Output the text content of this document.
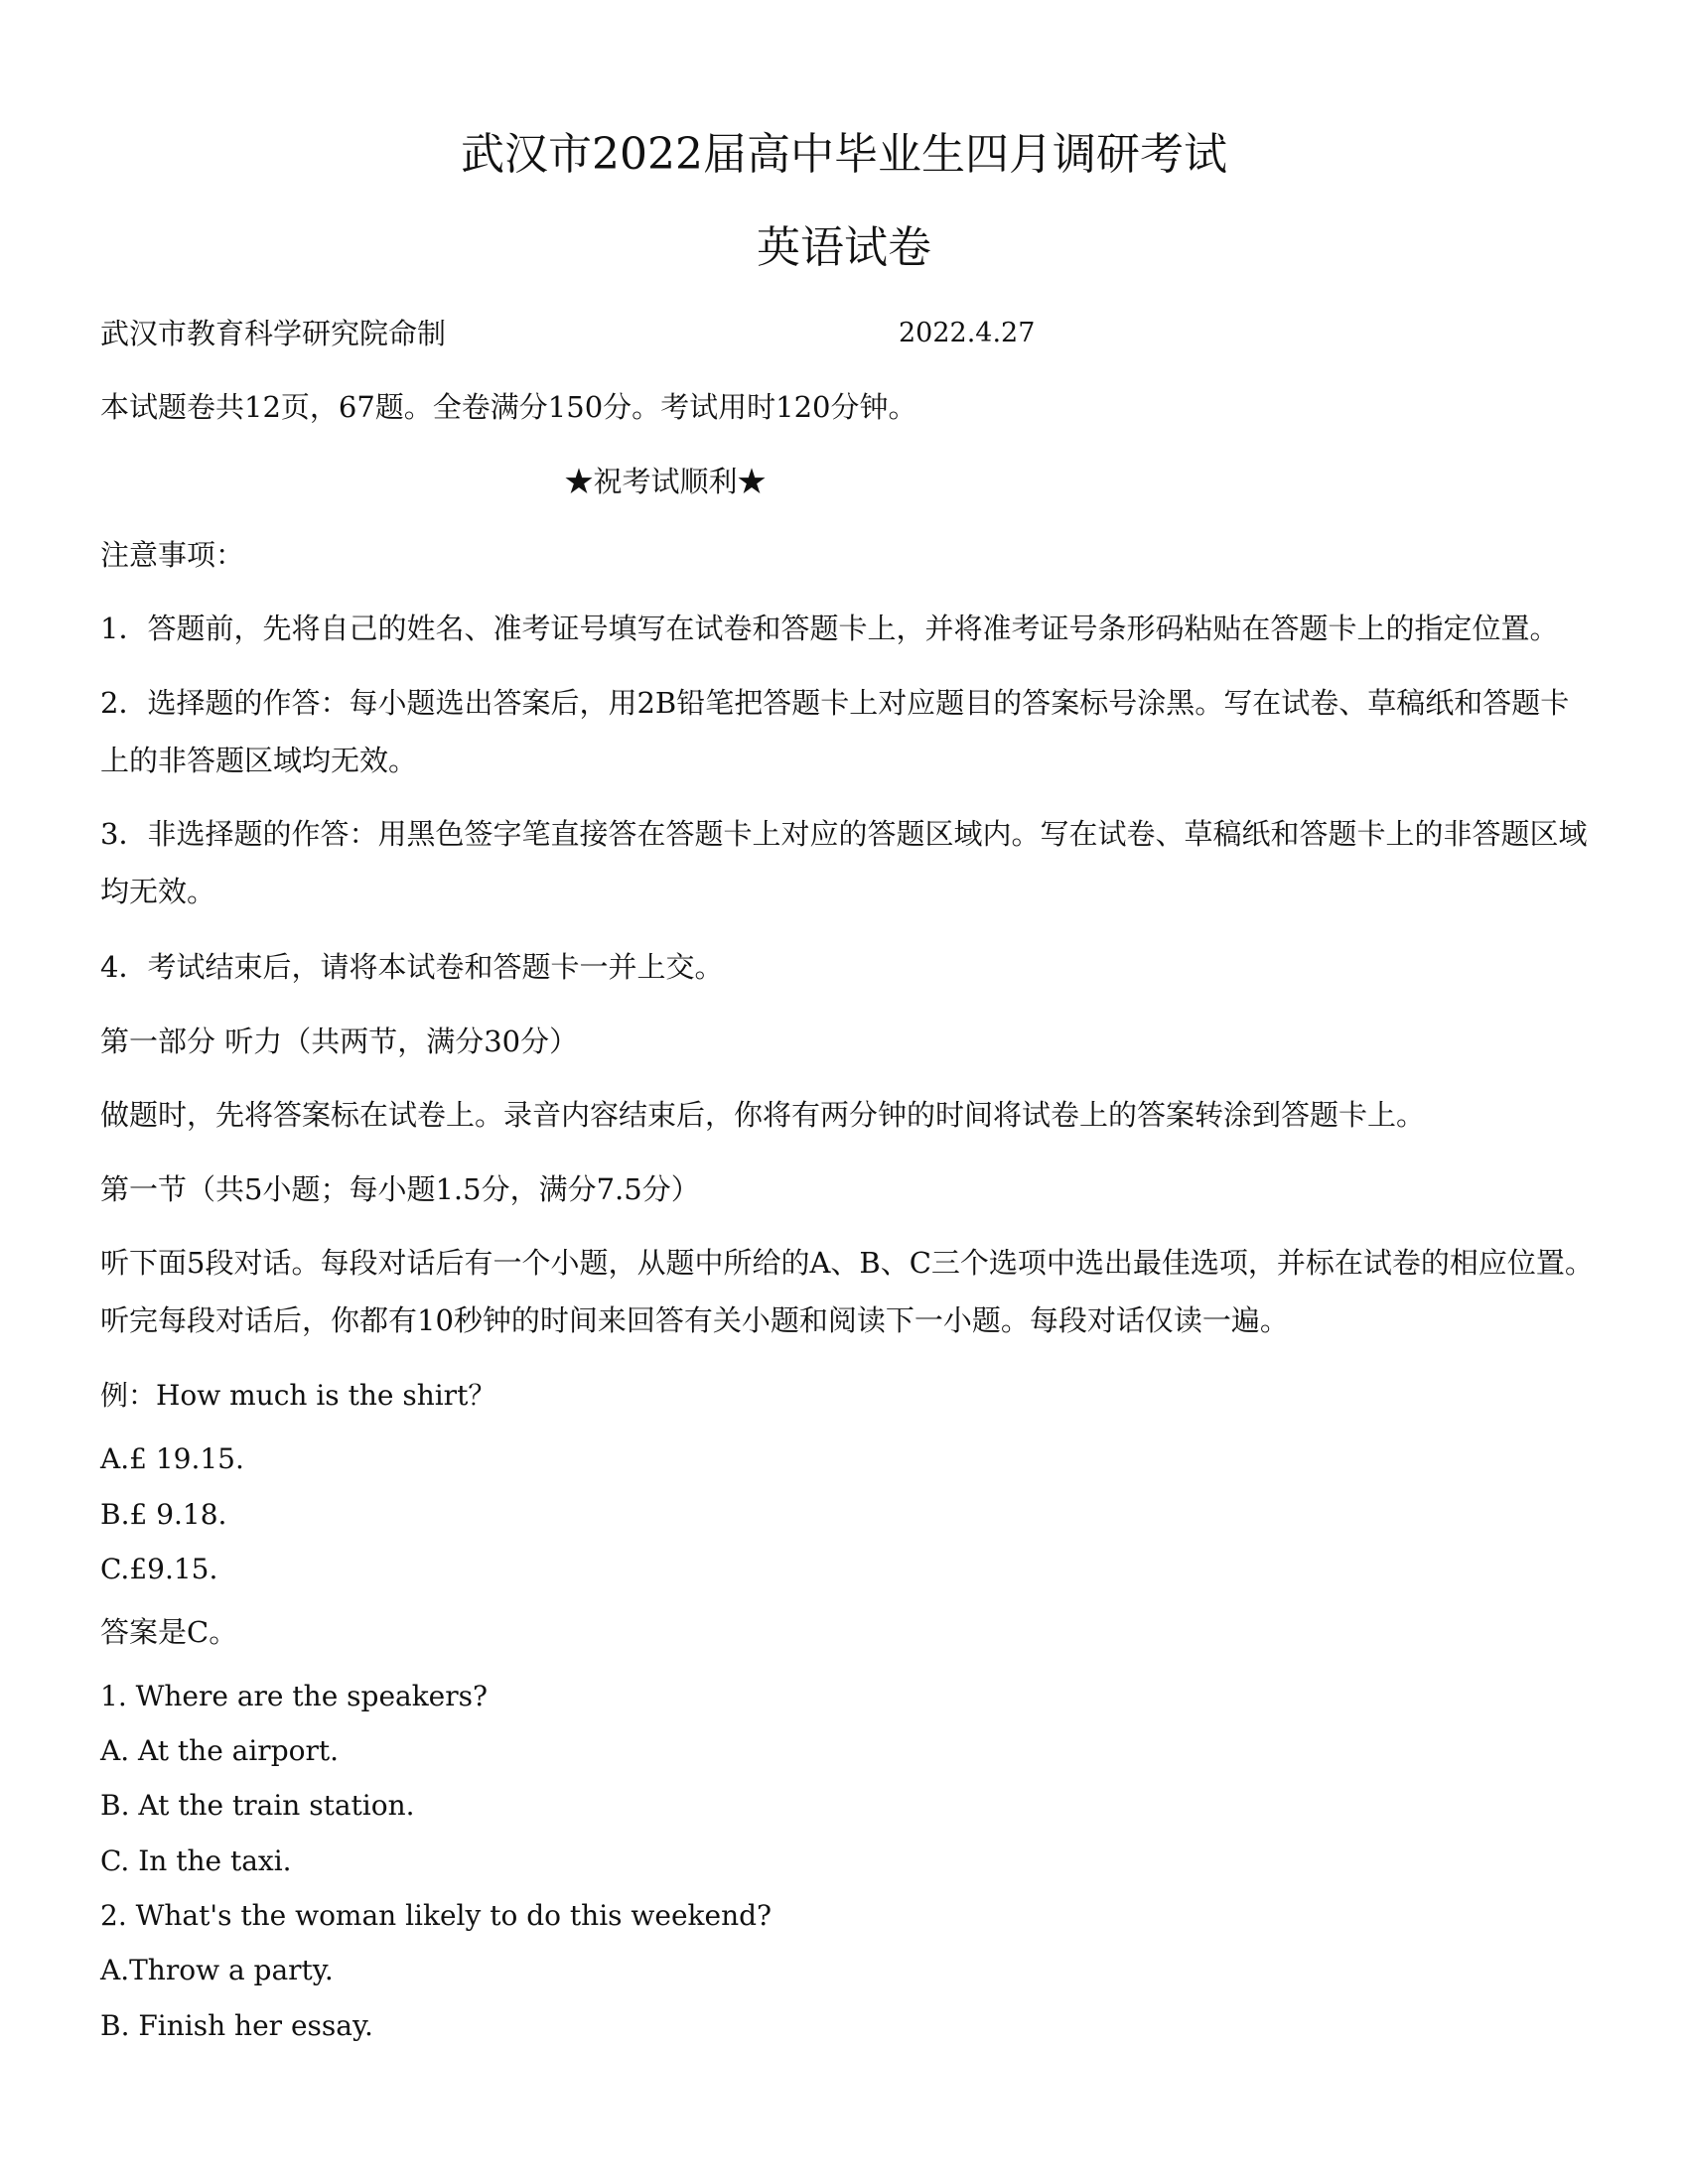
武汉市2022届高中毕业生四月调研考试
英语试卷
武汉市教育科学研究院命制	2022.4.27
本试题卷共12页，67题。全卷满分150分。考试用时120分钟。
★祝考试顺利★
注意事项：
1．答题前，先将自己的姓名、准考证号填写在试卷和答题卡上，并将准考证号条形码粘贴在答题卡上的指定位置。
2．选择题的作答：每小题选出答案后，用2B铅笔把答题卡上对应题目的答案标号涂黑。写在试卷、草稿纸和答题卡上的非答题区域均无效。
3．非选择题的作答：用黑色签字笔直接答在答题卡上对应的答题区域内。写在试卷、草稿纸和答题卡上的非答题区域均无效。
4．考试结束后，请将本试卷和答题卡一并上交。
第一部分 听力（共两节，满分30分）
做题时，先将答案标在试卷上。录音内容结束后，你将有两分钟的时间将试卷上的答案转涂到答题卡上。
第一节（共5小题；每小题1.5分，满分7.5分）
听下面5段对话。每段对话后有一个小题，从题中所给的A、B、C三个选项中选出最佳选项，并标在试卷的相应位置。听完每段对话后，你都有10秒钟的时间来回答有关小题和阅读下一小题。每段对话仅读一遍。
例：How much is the shirt？
A.£ 19.15.
B.£ 9.18.
C.£9.15.
答案是C。
1. Where are the speakers?
A. At the airport.
B. At the train station.
C. In the taxi.
2. What's the woman likely to do this weekend?
A.Throw a party.
B. Finish her essay.
